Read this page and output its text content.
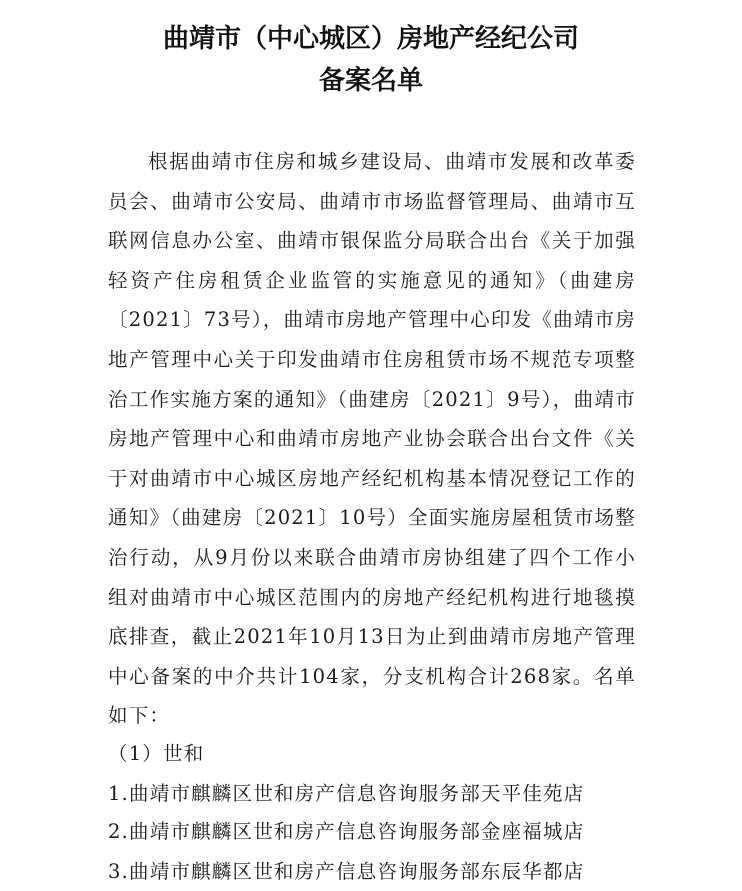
曲靖市（中心城区）房地产经纪公司
备案名单
根据曲靖市住房和城乡建设局、曲靖市发展和改革委员会、曲靖市公安局、曲靖市市场监督管理局、曲靖市互联网信息办公室、曲靖市银保监分局联合出台《关于加强轻资产住房租赁企业监管的实施意见的通知》（曲建房〔2021〕73号），曲靖市房地产管理中心印发《曲靖市房地产管理中心关于印发曲靖市住房租赁市场不规范专项整治工作实施方案的通知》（曲建房〔2021〕9号），曲靖市房地产管理中心和曲靖市房地产业协会联合出台文件《关于对曲靖市中心城区房地产经纪机构基本情况登记工作的通知》（曲建房〔2021〕10号）全面实施房屋租赁市场整治行动，从9月份以来联合曲靖市房协组建了四个工作小组对曲靖市中心城区范围内的房地产经纪机构进行地毯摸底排查，截止2021年10月13日为止到曲靖市房地产管理中心备案的中介共计104家，分支机构合计268家。名单如下：
（1）世和
1.曲靖市麒麟区世和房产信息咨询服务部天平佳苑店
2.曲靖市麒麟区世和房产信息咨询服务部金座福城店
3.曲靖市麒麟区世和房产信息咨询服务部东辰华都店
